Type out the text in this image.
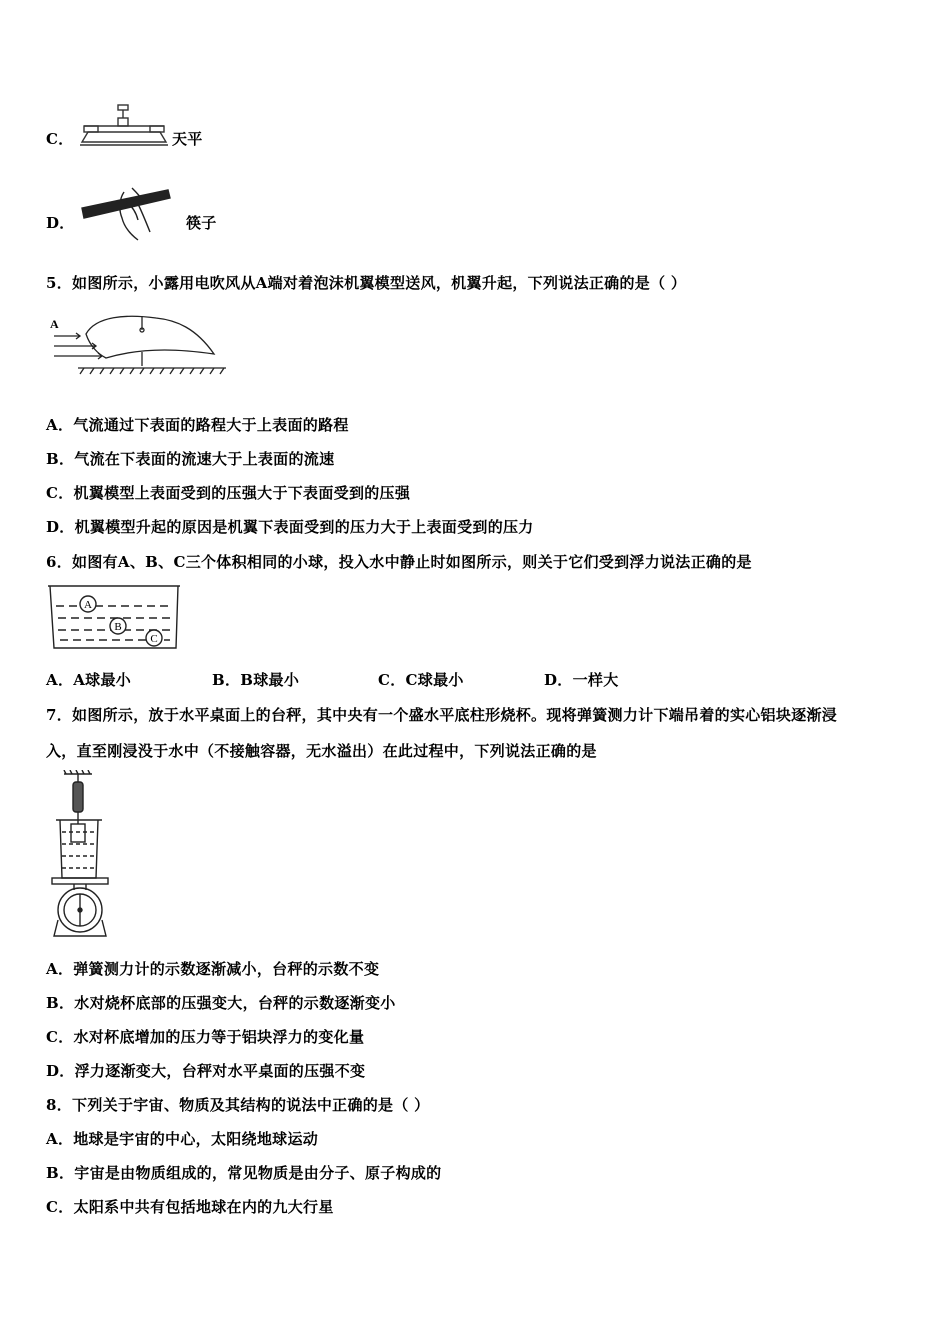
C．	天平
D．	筷子
5．如图所示，小露用电吹风从A端对着泡沫机翼模型送风，机翼升起，下列说法正确的是（ ）
A
A．气流通过下表面的路程大于上表面的路程
B．气流在下表面的流速大于上表面的流速
C．机翼模型上表面受到的压强大于下表面受到的压强
D．机翼模型升起的原因是机翼下表面受到的压力大于上表面受到的压力
6．如图有A、B、C三个体积相同的小球，投入水中静止时如图所示，则关于它们受到浮力说法正确的是
A
B
C
A．A球最小	B．B球最小	C．C球最小	D．一样大
7．如图所示，放于水平桌面上的台秤，其中央有一个盛水平底柱形烧杯。现将弹簧测力计下端吊着的实心铝块逐渐浸
入，直至刚浸没于水中（不接触容器，无水溢出）在此过程中，下列说法正确的是
A．弹簧测力计的示数逐渐减小，台秤的示数不变
B．水对烧杯底部的压强变大，台秤的示数逐渐变小
C．水对杯底增加的压力等于铝块浮力的变化量
D．浮力逐渐变大，台秤对水平桌面的压强不变
8．下列关于宇宙、物质及其结构的说法中正确的是（ ）
A．地球是宇宙的中心，太阳绕地球运动
B．宇宙是由物质组成的，常见物质是由分子、原子构成的
C．太阳系中共有包括地球在内的九大行星
